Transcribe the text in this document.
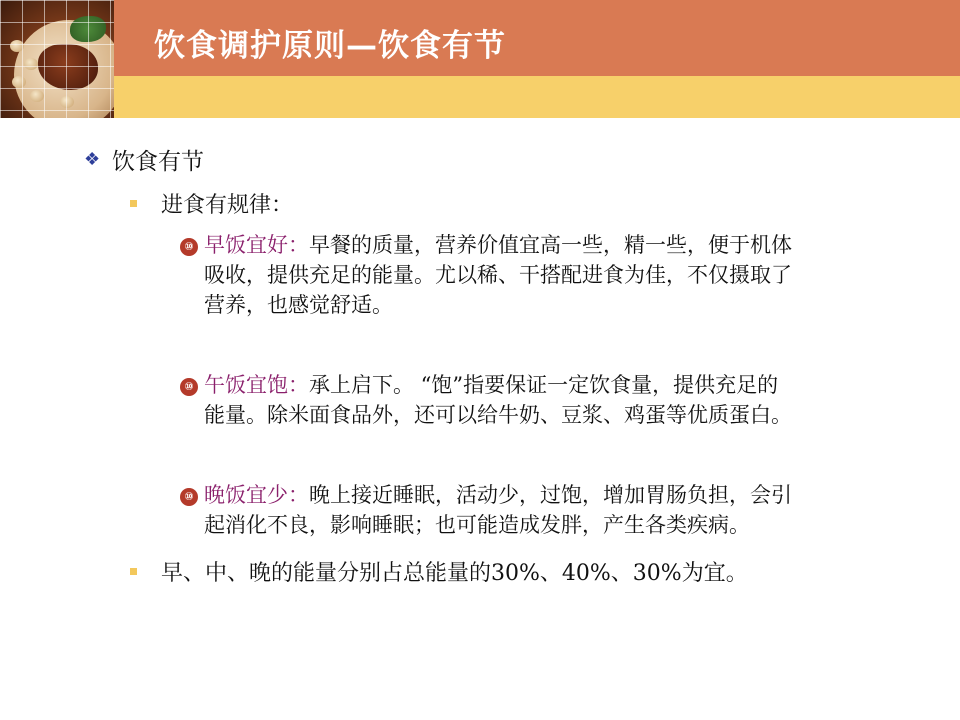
饮食调护原则—饮食有节
❖ 饮食有节
进食有规律：
⑩ 早饭宜好：早餐的质量，营养价值宜高一些，精一些，便于机体
吸收，提供充足的能量。尤以稀、干搭配进食为佳，不仅摄取了
营养，也感觉舒适。
⑩ 午饭宜饱：承上启下。 “饱”指要保证一定饮食量，提供充足的
能量。除米面食品外，还可以给牛奶、豆浆、鸡蛋等优质蛋白。
⑩ 晚饭宜少：晚上接近睡眠，活动少，过饱，增加胃肠负担，会引
起消化不良，影响睡眠；也可能造成发胖，产生各类疾病。
早、中、晚的能量分别占总能量的30%、40%、30%为宜。
